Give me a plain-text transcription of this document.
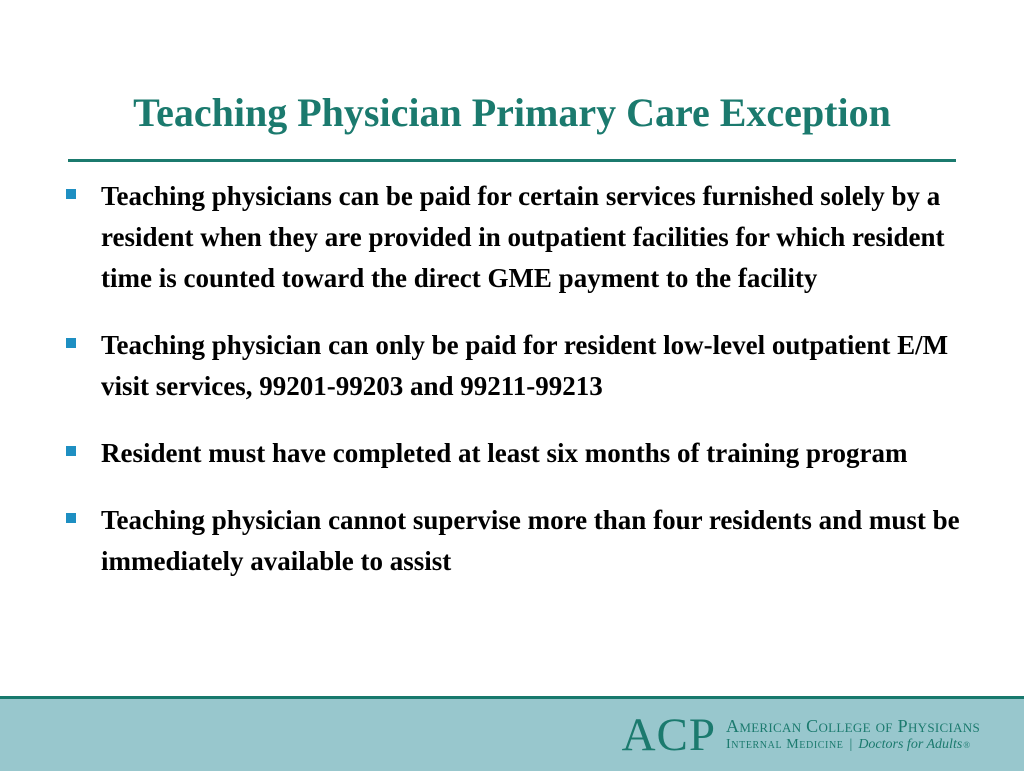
Teaching Physician Primary Care Exception
Teaching physicians can be paid for certain services furnished solely by a resident when they are provided in outpatient facilities for which resident time is counted toward the direct GME payment to the facility
Teaching physician can only be paid for resident low-level outpatient E/M visit services, 99201-99203 and 99211-99213
Resident must have completed at least six months of training program
Teaching physician cannot supervise more than four residents and must be immediately available to assist
ACP American College of Physicians
Internal Medicine | Doctors for Adults ®
